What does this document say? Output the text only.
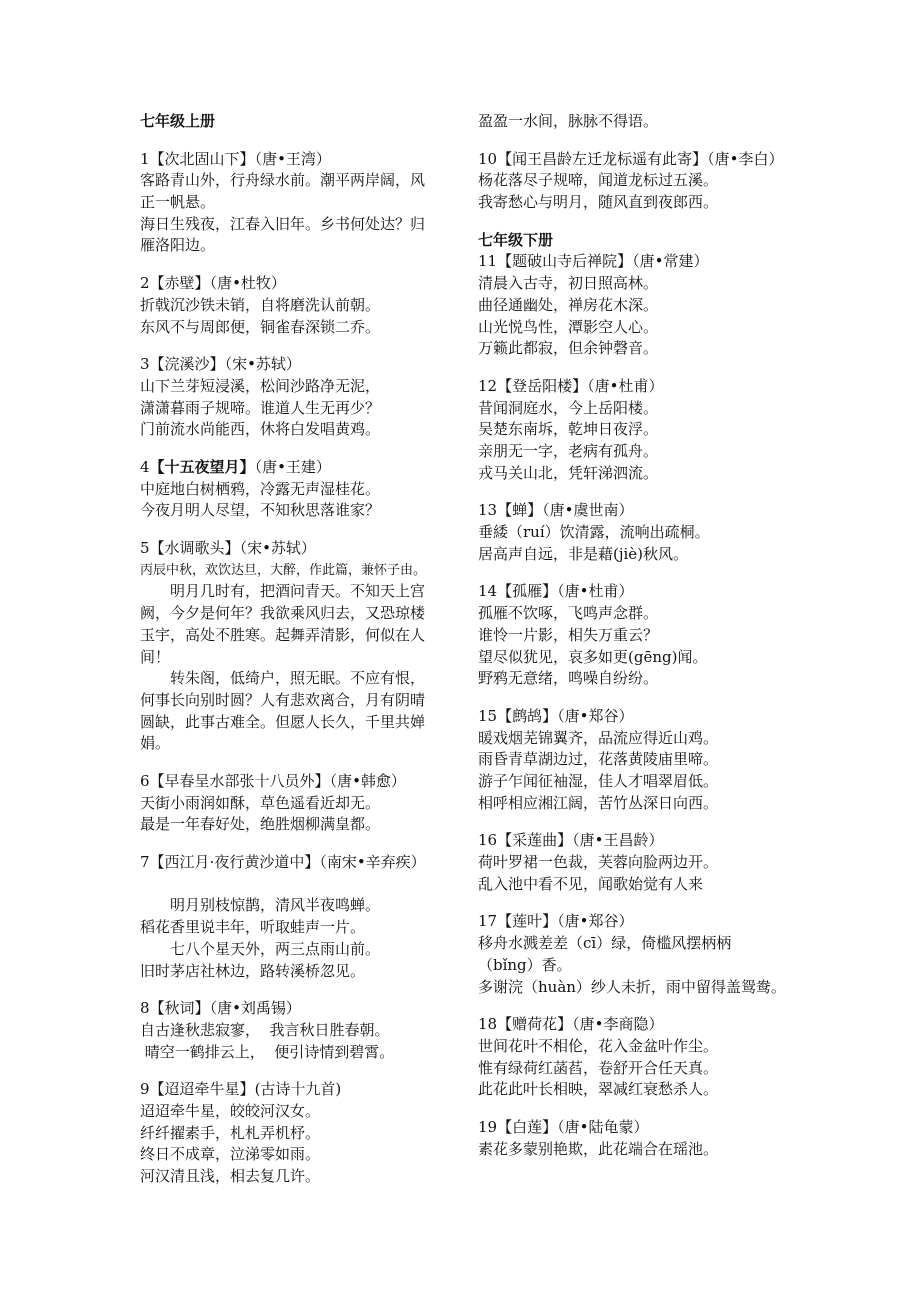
七年级上册
1【次北固山下】（唐•王湾）
客路青山外，行舟绿水前。潮平两岸阔，风
正一帆悬。
海日生残夜，江春入旧年。乡书何处达？归
雁洛阳边。
2【赤壁】（唐•杜牧）
折戟沉沙铁未销，自将磨洗认前朝。
东风不与周郎便，铜雀春深锁二乔。
3【浣溪沙】（宋•苏轼）
山下兰芽短浸溪，松间沙路净无泥，
潇潇暮雨子规啼。谁道人生无再少？
门前流水尚能西，休将白发唱黄鸡。
4【十五夜望月】（唐•王建）
中庭地白树栖鸦，冷露无声湿桂花。
今夜月明人尽望，不知秋思落谁家？
5【水调歌头】（宋•苏轼）
丙辰中秋，欢饮达旦，大醉，作此篇，兼怀子由。
　　明月几时有，把酒问青天。不知天上宫
阙，今夕是何年？我欲乘风归去，又恐琼楼
玉宇，高处不胜寒。起舞弄清影，何似在人
间！
　　转朱阁，低绮户，照无眠。不应有恨，
何事长向别时圆？人有悲欢离合，月有阴晴
圆缺，此事古难全。但愿人长久，千里共婵
娟。
6【早春呈水部张十八员外】（唐•韩愈）
天街小雨润如酥，草色遥看近却无。
最是一年春好处，绝胜烟柳满皇都。
7【西江月·夜行黄沙道中】（南宋•辛弃疾）
　　明月别枝惊鹊，清风半夜鸣蝉。
稻花香里说丰年，听取蛙声一片。
　　七八个星天外，两三点雨山前。
旧时茅店社林边，路转溪桥忽见。
8【秋词】（唐•刘禹锡）
自古逢秋悲寂寥，  我言秋日胜春朝。
晴空一鹤排云上，  便引诗情到碧霄。
9【迢迢牵牛星】(古诗十九首)
迢迢牵牛星，皎皎河汉女。
纤纤擢素手，札札弄机杼。
终日不成章，泣涕零如雨。
河汉清且浅，相去复几许。
盈盈一水间，脉脉不得语。
10【闻王昌龄左迁龙标遥有此寄】（唐•李白）
杨花落尽子规啼，闻道龙标过五溪。
我寄愁心与明月，随风直到夜郎西。
七年级下册
11【题破山寺后禅院】（唐•常建）
清晨入古寺，初日照高林。
曲径通幽处，禅房花木深。
山光悦鸟性，潭影空人心。
万籁此都寂，但余钟磬音。
12【登岳阳楼】（唐•杜甫）
昔闻洞庭水，今上岳阳楼。
吴楚东南坼，乾坤日夜浮。
亲朋无一字，老病有孤舟。
戎马关山北，凭轩涕泗流。
13【蝉】（唐•虞世南）
垂緌（ruí）饮清露，流响出疏桐。
居高声自远，非是藉(jiè)秋风。
14【孤雁】（唐•杜甫）
孤雁不饮啄，飞鸣声念群。
谁怜一片影，相失万重云？
望尽似犹见，哀多如更(gēng)闻。
野鸦无意绪，鸣噪自纷纷。
15【鹧鸪】（唐•郑谷）
暖戏烟芜锦翼齐，品流应得近山鸡。
雨昏青草湖边过，花落黄陵庙里啼。
游子乍闻征袖湿，佳人才唱翠眉低。
相呼相应湘江阔，苦竹丛深日向西。
16【采莲曲】（唐•王昌龄）
荷叶罗裙一色裁，芙蓉向脸两边开。
乱入池中看不见，闻歌始觉有人来
17【莲叶】（唐•郑谷）
移舟水溅差差（cī）绿，倚槛风摆柄柄
（bǐng）香。
多谢浣（huàn）纱人未折，雨中留得盖鸳鸯。
18【赠荷花】（唐•李商隐）
世间花叶不相伦，花入金盆叶作尘。
惟有绿荷红菡萏，卷舒开合任天真。
此花此叶长相映，翠减红衰愁杀人。
19【白莲】（唐•陆龟蒙）
素花多蒙别艳欺，此花端合在瑶池。
